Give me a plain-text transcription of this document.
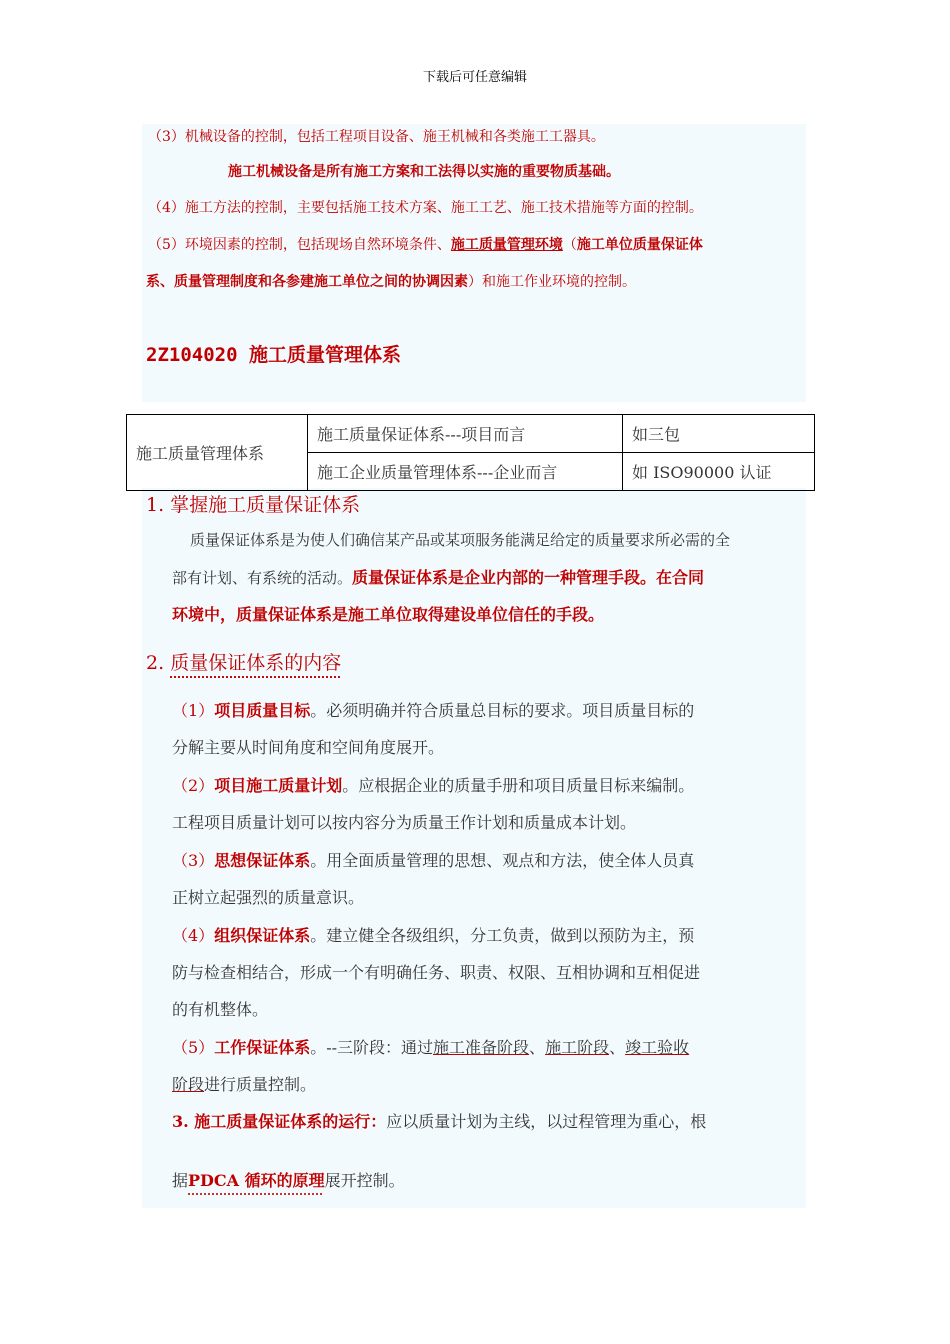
下载后可任意编辑
（3）机械设备的控制，包括工程项目设备、施王机械和各类施工工器具。
施工机械设备是所有施工方案和工法得以实施的重要物质基础。
（4）施工方法的控制，主要包括施工技术方案、施工工艺、施工技术措施等方面的控制。
（5）环境因素的控制，包括现场自然环境条件、施工质量管理环境（施工单位质量保证体
系、质量管理制度和各参建施工单位之间的协调因素）和施工作业环境的控制。
2Z104020 施工质量管理体系
施工质量管理体系	施工质量保证体系---项目而言	如三包
	施工企业质量管理体系---企业而言	如 ISO90000 认证
1. 掌握施工质量保证体系
质量保证体系是为使人们确信某产品或某项服务能满足给定的质量要求所必需的全
部有计划、有系统的活动。质量保证体系是企业内部的一种管理手段。在合同
环境中，质量保证体系是施工单位取得建设单位信任的手段。
2. 质量保证体系的内容
（1）项目质量目标。必须明确并符合质量总目标的要求。项目质量目标的
分解主要从时间角度和空间角度展开。
（2）项目施工质量计划。应根据企业的质量手册和项目质量目标来编制。
工程项目质量计划可以按内容分为质量王作计划和质量成本计划。
（3）思想保证体系。用全面质量管理的思想、观点和方法，使全体人员真
正树立起强烈的质量意识。
（4）组织保证体系。建立健全各级组织，分工负责，做到以预防为主，预
防与检查相结合，形成一个有明确任务、职责、权限、互相协调和互相促进
的有机整体。
（5）工作保证体系。--三阶段：通过施工准备阶段、施工阶段、竣工验收
阶段进行质量控制。
3. 施工质量保证体系的运行：应以质量计划为主线，以过程管理为重心，根
据PDCA 循环的原理展开控制。
